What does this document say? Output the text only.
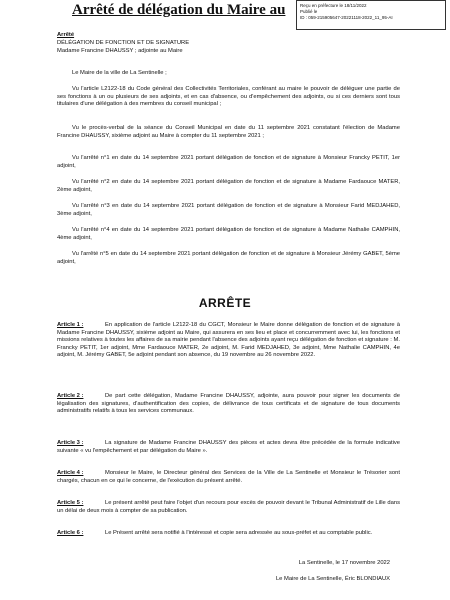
Arrêté de délégation du Maire au	Reçu en préfecture le 18/11/2022
Publié le
ID : 059-215905647-20221118-2022_11_95-AI
Arrêté
DÉLÉGATION DE FONCTION ET DE SIGNATURE
Madame Francine DHAUSSY ; adjointe au Maire
Le Maire de la ville de La Sentinelle ;
Vu l'article L2122-18 du Code général des Collectivités Territoriales, conférant au maire le pouvoir de déléguer une partie de ses fonctions à un ou plusieurs de ses adjoints, et en cas d'absence, ou d'empêchement des adjoints, ou si ces derniers sont tous titulaires d'une délégation à des membres du conseil municipal ;
Vu le procès-verbal de la séance du Conseil Municipal en date du 11 septembre 2021 constatant l'élection de Madame Francine DHAUSSY, sixième adjoint au Maire à compter du 11 septembre 2021 ;
Vu l'arrêté n°1 en date du 14 septembre 2021 portant délégation de fonction et de signature à Monsieur Francky PETIT, 1er adjoint,
Vu l'arrêté n°2 en date du 14 septembre 2021 portant délégation de fonction et de signature à Madame Fardaouce MATER, 2ème adjoint,
Vu l'arrêté n°3 en date du 14 septembre 2021 portant délégation de fonction et de signature à Monsieur Farid MEDJAHED, 3ème adjoint,
Vu l'arrêté n°4 en date du 14 septembre 2021 portant délégation de fonction et de signature à Madame Nathalie CAMPHIN, 4ème adjoint,
Vu l'arrêté n°5 en date du 14 septembre 2021 portant délégation de fonction et de signature à Monsieur Jérémy GABET, 5ème adjoint,
ARRÊTE
Article 1 :	En application de l'article L2122-18 du CGCT, Monsieur le Maire donne délégation de fonction et de signature à Madame Francine DHAUSSY, sixième adjoint au Maire, qui assurera en ses lieu et place et concurremment avec lui, les fonctions et missions relatives à toutes les affaires de sa mairie pendant l'absence des adjoints ayant reçu délégation de fonction et signature : M. Francky PETIT, 1er adjoint, Mme Fardaouce MATER, 2e adjoint, M. Farid MEDJAHED, 3e adjoint, Mme Nathalie CAMPHIN, 4e adjoint, M. Jérémy GABET, 5e adjoint pendant son absence, du 19 novembre au 26 novembre 2022.
Article 2 :	De part cette délégation, Madame Francine DHAUSSY, adjointe, aura pouvoir pour signer les documents de légalisation des signatures, d'authentification des copies, de délivrance de tous certificats et de signature de tous documents administratifs relatifs à tous les services communaux.
Article 3 :	La signature de Madame Francine DHAUSSY des pièces et actes devra être précédée de la formule indicative suivante « vu l'empêchement et par délégation du Maire ».
Article 4 :	Monsieur le Maire, le Directeur général des Services de la Ville de La Sentinelle et Monsieur le Trésorier sont chargés, chacun en ce qui le concerne, de l'exécution du présent arrêté.
Article 5 :	Le présent arrêté peut faire l'objet d'un recours pour excès de pouvoir devant le Tribunal Administratif de Lille dans un délai de deux mois à compter de sa publication.
Article 6 :	Le Présent arrêté sera notifié à l'intéressé et copie sera adressée au sous-préfet et au comptable public.
La Sentinelle, le 17 novembre 2022
Le Maire de La Sentinelle, Éric BLONDIAUX
